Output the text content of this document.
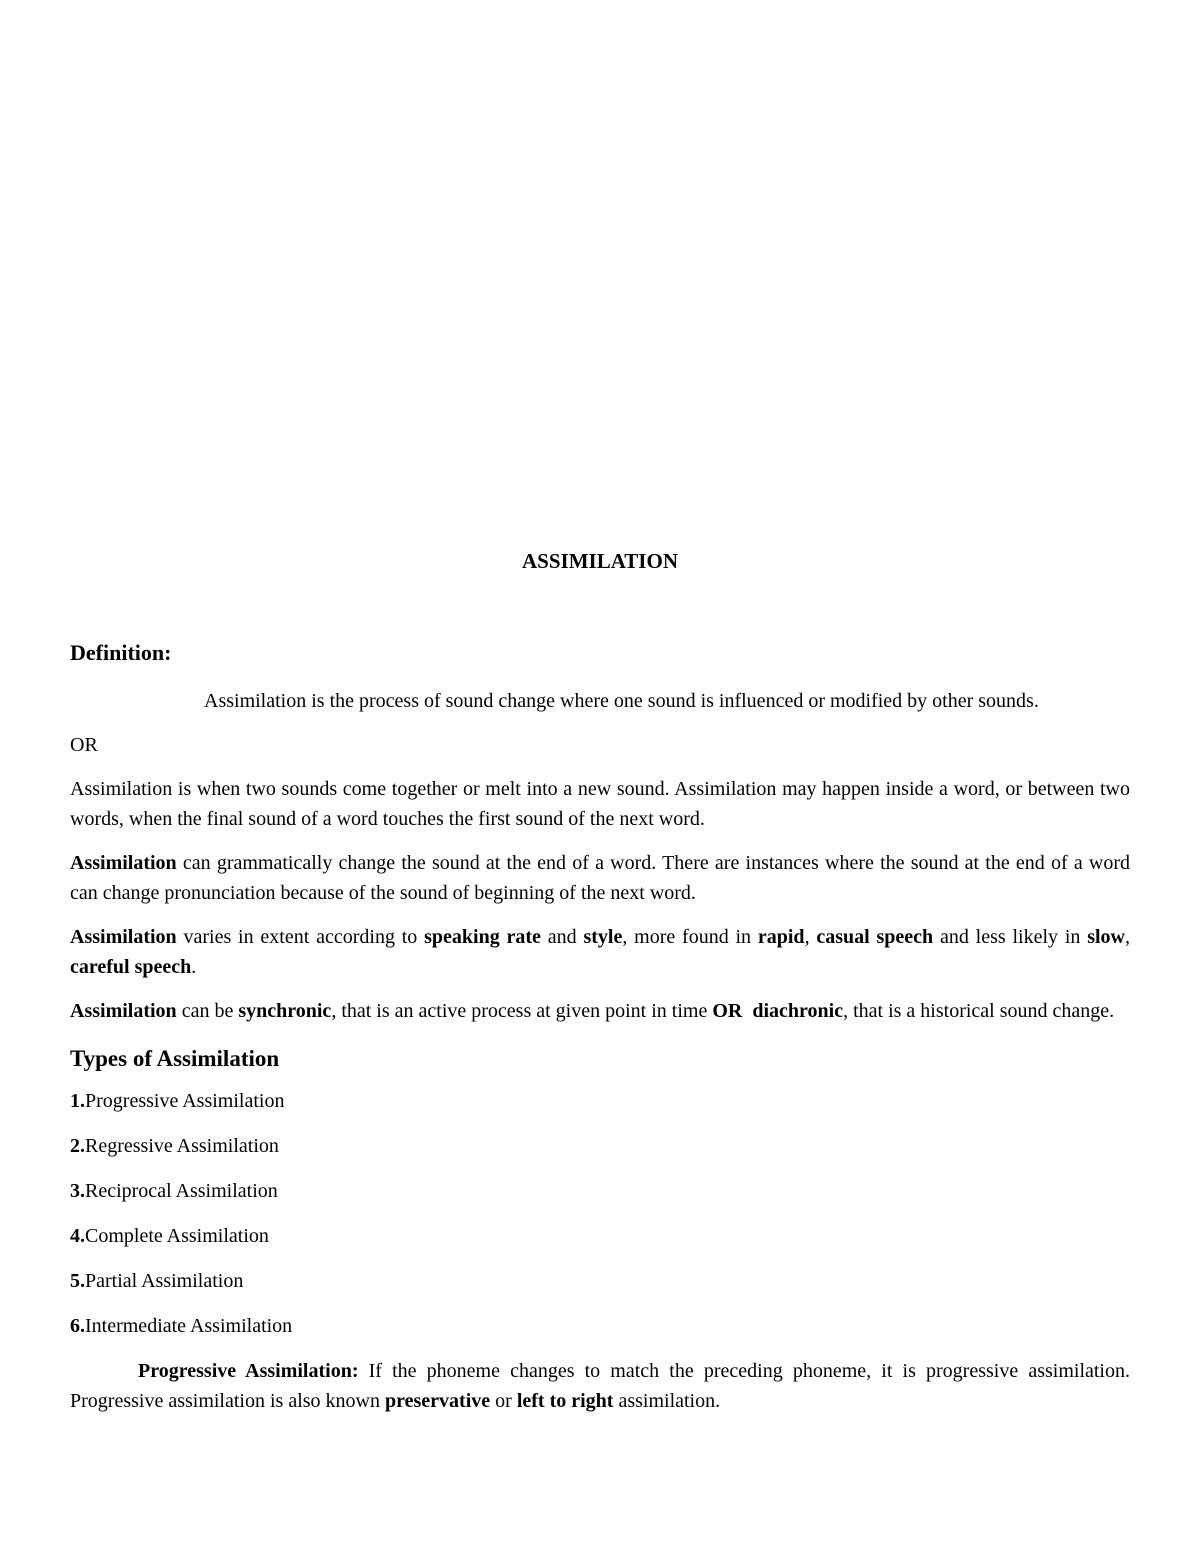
ASSIMILATION
Definition:
Assimilation is the process of sound change where one sound is influenced or modified by other sounds.
OR
Assimilation is when two sounds come together or melt into a new sound. Assimilation may happen inside a word, or between two words, when the final sound of a word touches the first sound of the next word.
Assimilation can grammatically change the sound at the end of a word. There are instances where the sound at the end of a word can change pronunciation because of the sound of beginning of the next word.
Assimilation varies in extent according to speaking rate and style, more found in rapid, casual speech and less likely in slow, careful speech.
Assimilation can be synchronic, that is an active process at given point in time OR diachronic, that is a historical sound change.
Types of Assimilation
1.Progressive Assimilation
2.Regressive Assimilation
3.Reciprocal Assimilation
4.Complete Assimilation
5.Partial Assimilation
6.Intermediate Assimilation
Progressive Assimilation: If the phoneme changes to match the preceding phoneme, it is progressive assimilation. Progressive assimilation is also known preservative or left to right assimilation.
